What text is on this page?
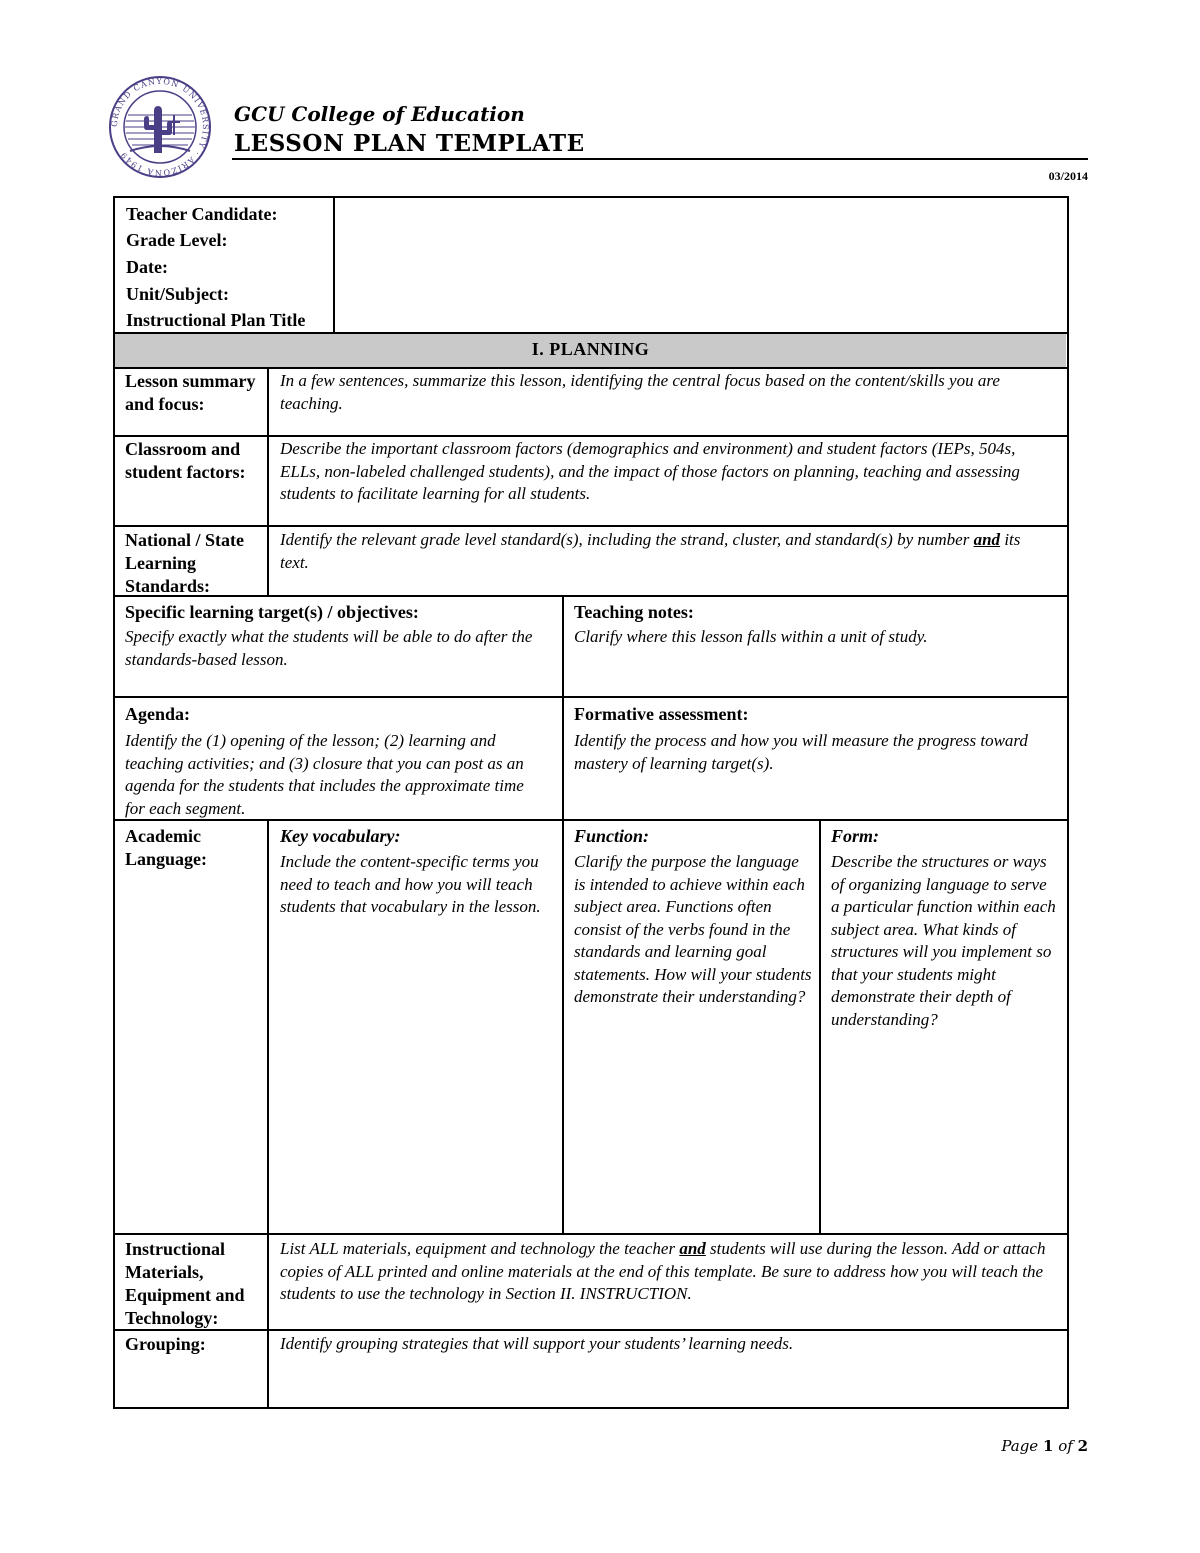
GRAND CANYON UNIVERSITY · ARIZONA 1949
GCU College of Education
LESSON PLAN TEMPLATE
03/2014
Teacher Candidate:
Grade Level:
Date:
Unit/Subject:
Instructional Plan Title
I. PLANNING
Lesson summary and focus:
In a few sentences, summarize this lesson, identifying the central focus based on the content/skills you are teaching.
Classroom and student factors:
Describe the important classroom factors (demographics and environment) and student factors (IEPs, 504s, ELLs, non-labeled challenged students), and the impact of those factors on planning, teaching and assessing students to facilitate learning for all students.
National / State Learning Standards:
Identify the relevant grade level standard(s), including the strand, cluster, and standard(s) by number and its text.
Specific learning target(s) / objectives:
Specify exactly what the students will be able to do after the standards-based lesson.
Teaching notes:
Clarify where this lesson falls within a unit of study.
Agenda:
Identify the (1) opening of the lesson; (2) learning and teaching activities; and (3) closure that you can post as an agenda for the students that includes the approximate time for each segment.
Formative assessment:
Identify the process and how you will measure the progress toward mastery of learning target(s).
Academic Language:
Key vocabulary:
Include the content-specific terms you need to teach and how you will teach students that vocabulary in the lesson.
Function:
Clarify the purpose the language is intended to achieve within each subject area. Functions often consist of the verbs found in the standards and learning goal statements. How will your students demonstrate their understanding?
Form:
Describe the structures or ways of organizing language to serve a particular function within each subject area. What kinds of structures will you implement so that your students might demonstrate their depth of understanding?
Instructional Materials, Equipment and Technology:
List ALL materials, equipment and technology the teacher and students will use during the lesson. Add or attach copies of ALL printed and online materials at the end of this template. Be sure to address how you will teach the students to use the technology in Section II. INSTRUCTION.
Grouping:	Identify grouping strategies that will support your students’ learning needs.
Page 1 of 2
